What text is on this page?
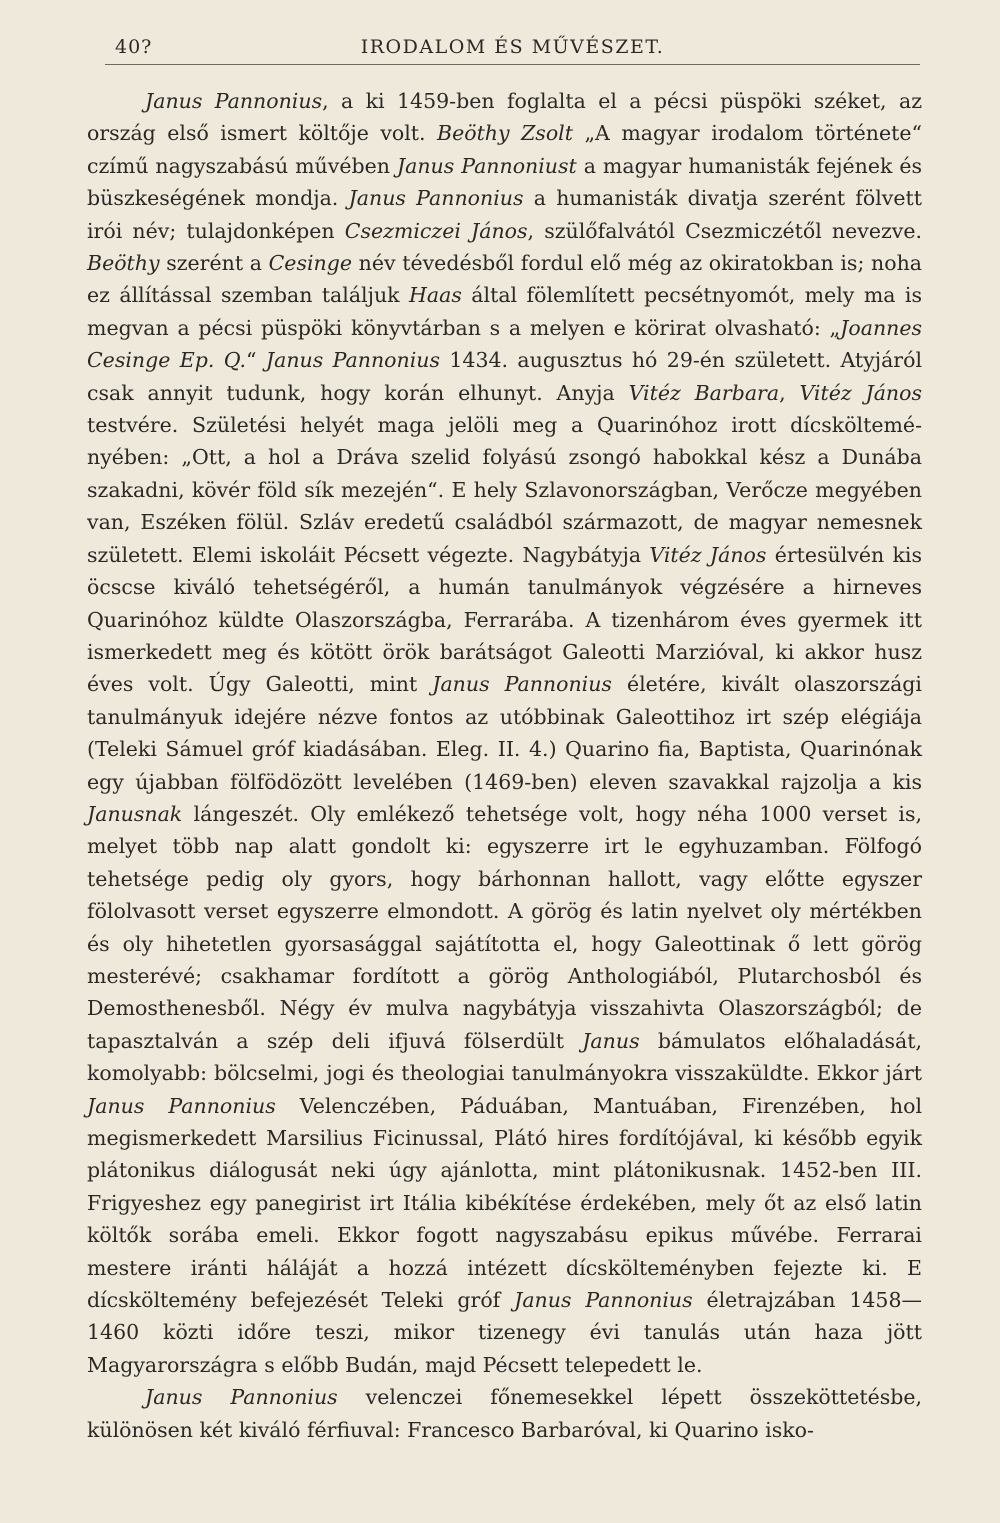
40?	IRODALOM ÉS MŰVÉSZET.

Janus Pannonius, a ki 1459-ben foglalta el a pécsi püspöki széket, az ország első ismert költője volt. Beöthy Zsolt „A magyar irodalom története“ czímű nagyszabású művében Janus Pannoniust a magyar humanisták fejének és büszkeségének mondja. Janus Pannonius a humanisták divatja szerént fölvett irói név; tulajdonképen Csezmiczei János, szülőfalvától Csezmiczétől nevezve. Beöthy szerént a Cesinge név tévedésből fordul elő még az okiratokban is; noha ez állítással szemban találjuk Haas által fölemlített pecsétnyomót, mely ma is megvan a pécsi püspöki könyvtárban s a melyen e körirat olvasható: „Joannes Cesinge Ep. Q.“ Janus Pannonius 1434. augusztus hó 29-én született. Atyjáról csak annyit tudunk, hogy korán elhunyt. Anyja Vitéz Barbara, Vitéz János testvére. Születési helyét maga jelöli meg a Quarinóhoz irott dícskölteményében: „Ott, a hol a Dráva szelid folyású zsongó habokkal kész a Dunába szakadni, kövér föld sík mezején“. E hely Szlavonországban, Verőcze megyében van, Eszéken fölül. Szláv eredetű családból származott, de magyar nemesnek született. Elemi iskoláit Pécsett végezte. Nagybátyja Vitéz János értesülvén kis öcscse kiváló tehetségéről, a humán tanulmányok végzésére a hirneves Quarinóhoz küldte Olaszországba, Ferrarába. A tizenhárom éves gyermek itt ismerkedett meg és kötött örök barátságot Galeotti Marzióval, ki akkor husz éves volt. Úgy Galeotti, mint Janus Pannonius életére, kivált olaszországi tanulmányuk idejére nézve fontos az utóbbinak Galeottihoz irt szép elégiája (Teleki Sámuel gróf kiadásában. Eleg. II. 4.) Quarino fia, Baptista, Quarinónak egy újabban fölfödözött levelében (1469-ben) eleven szavakkal rajzolja a kis Janusnak lángeszét. Oly emlékező tehetsége volt, hogy néha 1000 verset is, melyet több nap alatt gondolt ki: egyszerre irt le egyhuzamban. Fölfogó tehetsége pedig oly gyors, hogy bárhonnan hallott, vagy előtte egyszer fölolvasott verset egyszerre elmondott. A görög és latin nyelvet oly mértékben és oly hihetetlen gyorsasággal sajátította el, hogy Galeottinak ő lett görög mesterévé; csakhamar fordított a görög Anthologiából, Plutarchosból és Demosthenesből. Négy év mulva nagybátyja visszahivta Olaszországból; de tapasztalván a szép deli ifjuvá fölserdült Janus bámulatos előhaladását, komolyabb: bölcselmi, jogi és theologiai tanulmányokra visszaküldte. Ekkor járt Janus Pannonius Velenczében, Páduában, Mantuában, Firenzében, hol megismerkedett Marsilius Ficinussal, Plátó hires fordítójával, ki később egyik plátonikus diálogusát neki úgy ajánlotta, mint plátonikusnak. 1452-ben III. Frigyeshez egy panegirist irt Itália kibékítése érdekében, mely őt az első latin költők sorába emeli. Ekkor fogott nagyszabásu epikus művébe. Ferrarai mestere iránti háláját a hozzá intézett dícskölteményben fejezte ki. E dícsköltemény befejezését Teleki gróf Janus Pannonius életrajzában 1458—1460 közti időre teszi, mikor tizenegy évi tanulás után haza jött Magyarországra s előbb Budán, majd Pécsett telepedett le.

Janus Pannonius velenczei főnemesekkel lépett összeköttetésbe, különösen két kiváló férfiuval: Francesco Barbaróval, ki Quarino isko-
